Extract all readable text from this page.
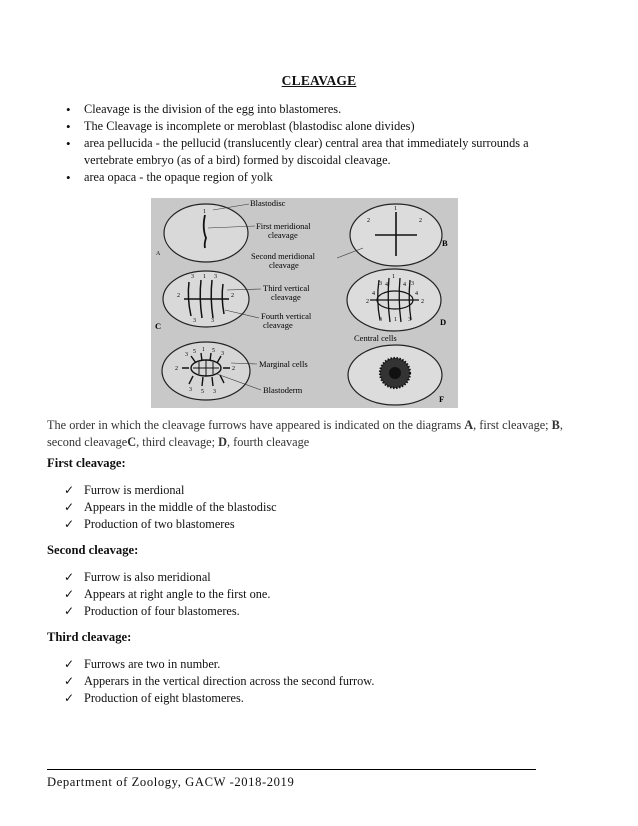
CLEAVAGE
• Cleavage is the division of the egg into blastomeres.
• The Cleavage is incomplete or meroblast (blastodisc alone divides)
• area pellucida - the pellucid (translucently clear) central area that immediately surrounds a vertebrate embryo (as of a bird) formed by discoidal cleavage.
• area opaca - the opaque region of yolk
1
A
Blastodisc
First meridional
cleavage
1
2	2
B
Second meridional
cleavage
3 1 3
2	2
3	3
C
Third vertical
cleavage
Fourth vertical
cleavage
1
3 4	4 3
4
2	2
4
3 1 3	D
Central cells
3 5 1 5 3
2	2
3 5 3
Marginal cells
Blastoderm
F
The order in which the cleavage furrows have appeared is indicated on the diagrams A, first cleavage; B, second cleavageC, third cleavage; D, fourth cleavage
First cleavage:
✓ Furrow is merdional
✓ Appears in the middle of the blastodisc
✓ Production of two blastomeres
Second cleavage:
✓ Furrow is also meridional
✓ Appears at right angle to the first one.
✓ Production of four blastomeres.
Third cleavage:
✓ Furrows are two in number.
✓ Apperars in the vertical direction across the second furrow.
✓ Production of eight blastomeres.
Department of Zoology, GACW -2018-2019
